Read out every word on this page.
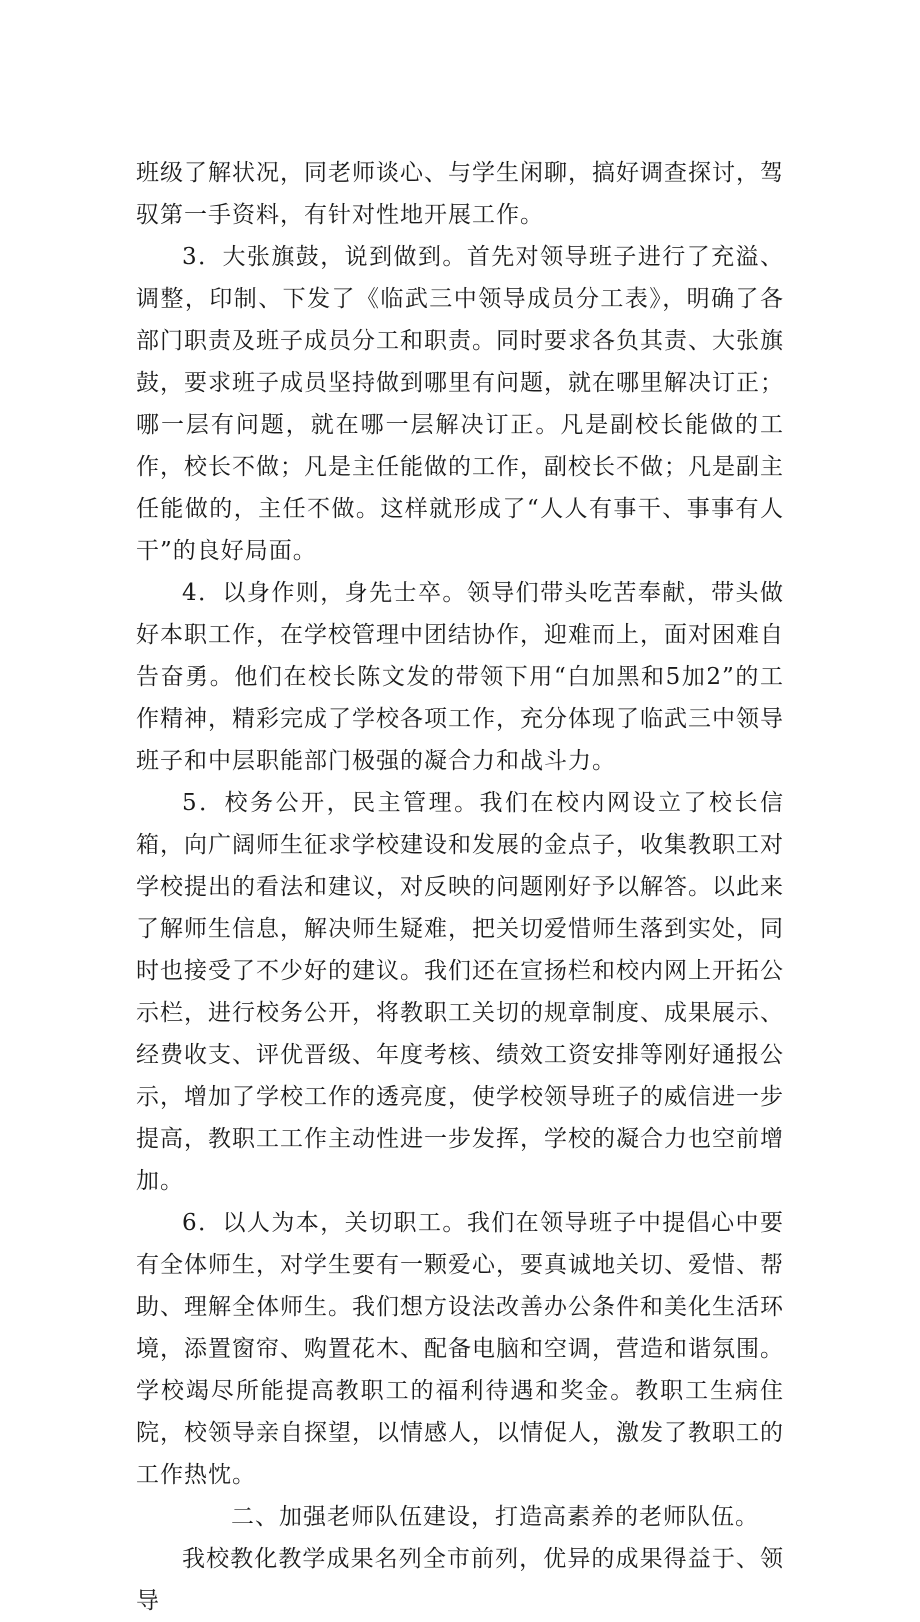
班级了解状况，同老师谈心、与学生闲聊，搞好调查探讨，驾驭第一手资料，有针对性地开展工作。

3．大张旗鼓，说到做到。首先对领导班子进行了充溢、调整，印制、下发了《临武三中领导成员分工表》，明确了各部门职责及班子成员分工和职责。同时要求各负其责、大张旗鼓，要求班子成员坚持做到哪里有问题，就在哪里解决订正；哪一层有问题，就在哪一层解决订正。凡是副校长能做的工作，校长不做；凡是主任能做的工作，副校长不做；凡是副主任能做的，主任不做。这样就形成了“人人有事干、事事有人干”的良好局面。

4．以身作则，身先士卒。领导们带头吃苦奉献，带头做好本职工作，在学校管理中团结协作，迎难而上，面对困难自告奋勇。他们在校长陈文发的带领下用“白加黑和5加2”的工作精神，精彩完成了学校各项工作，充分体现了临武三中领导班子和中层职能部门极强的凝合力和战斗力。

5．校务公开，民主管理。我们在校内网设立了校长信箱，向广阔师生征求学校建设和发展的金点子，收集教职工对学校提出的看法和建议，对反映的问题刚好予以解答。以此来了解师生信息，解决师生疑难，把关切爱惜师生落到实处，同时也接受了不少好的建议。我们还在宣扬栏和校内网上开拓公示栏，进行校务公开，将教职工关切的规章制度、成果展示、经费收支、评优晋级、年度考核、绩效工资安排等刚好通报公示，增加了学校工作的透亮度，使学校领导班子的威信进一步提高，教职工工作主动性进一步发挥，学校的凝合力也空前增加。

6．以人为本，关切职工。我们在领导班子中提倡心中要有全体师生，对学生要有一颗爱心，要真诚地关切、爱惜、帮助、理解全体师生。我们想方设法改善办公条件和美化生活环境，添置窗帘、购置花木、配备电脑和空调，营造和谐氛围。学校竭尽所能提高教职工的福利待遇和奖金。教职工生病住院，校领导亲自探望，以情感人，以情促人，激发了教职工的工作热忱。

二、加强老师队伍建设，打造高素养的老师队伍。

我校教化教学成果名列全市前列，优异的成果得益于、领导
